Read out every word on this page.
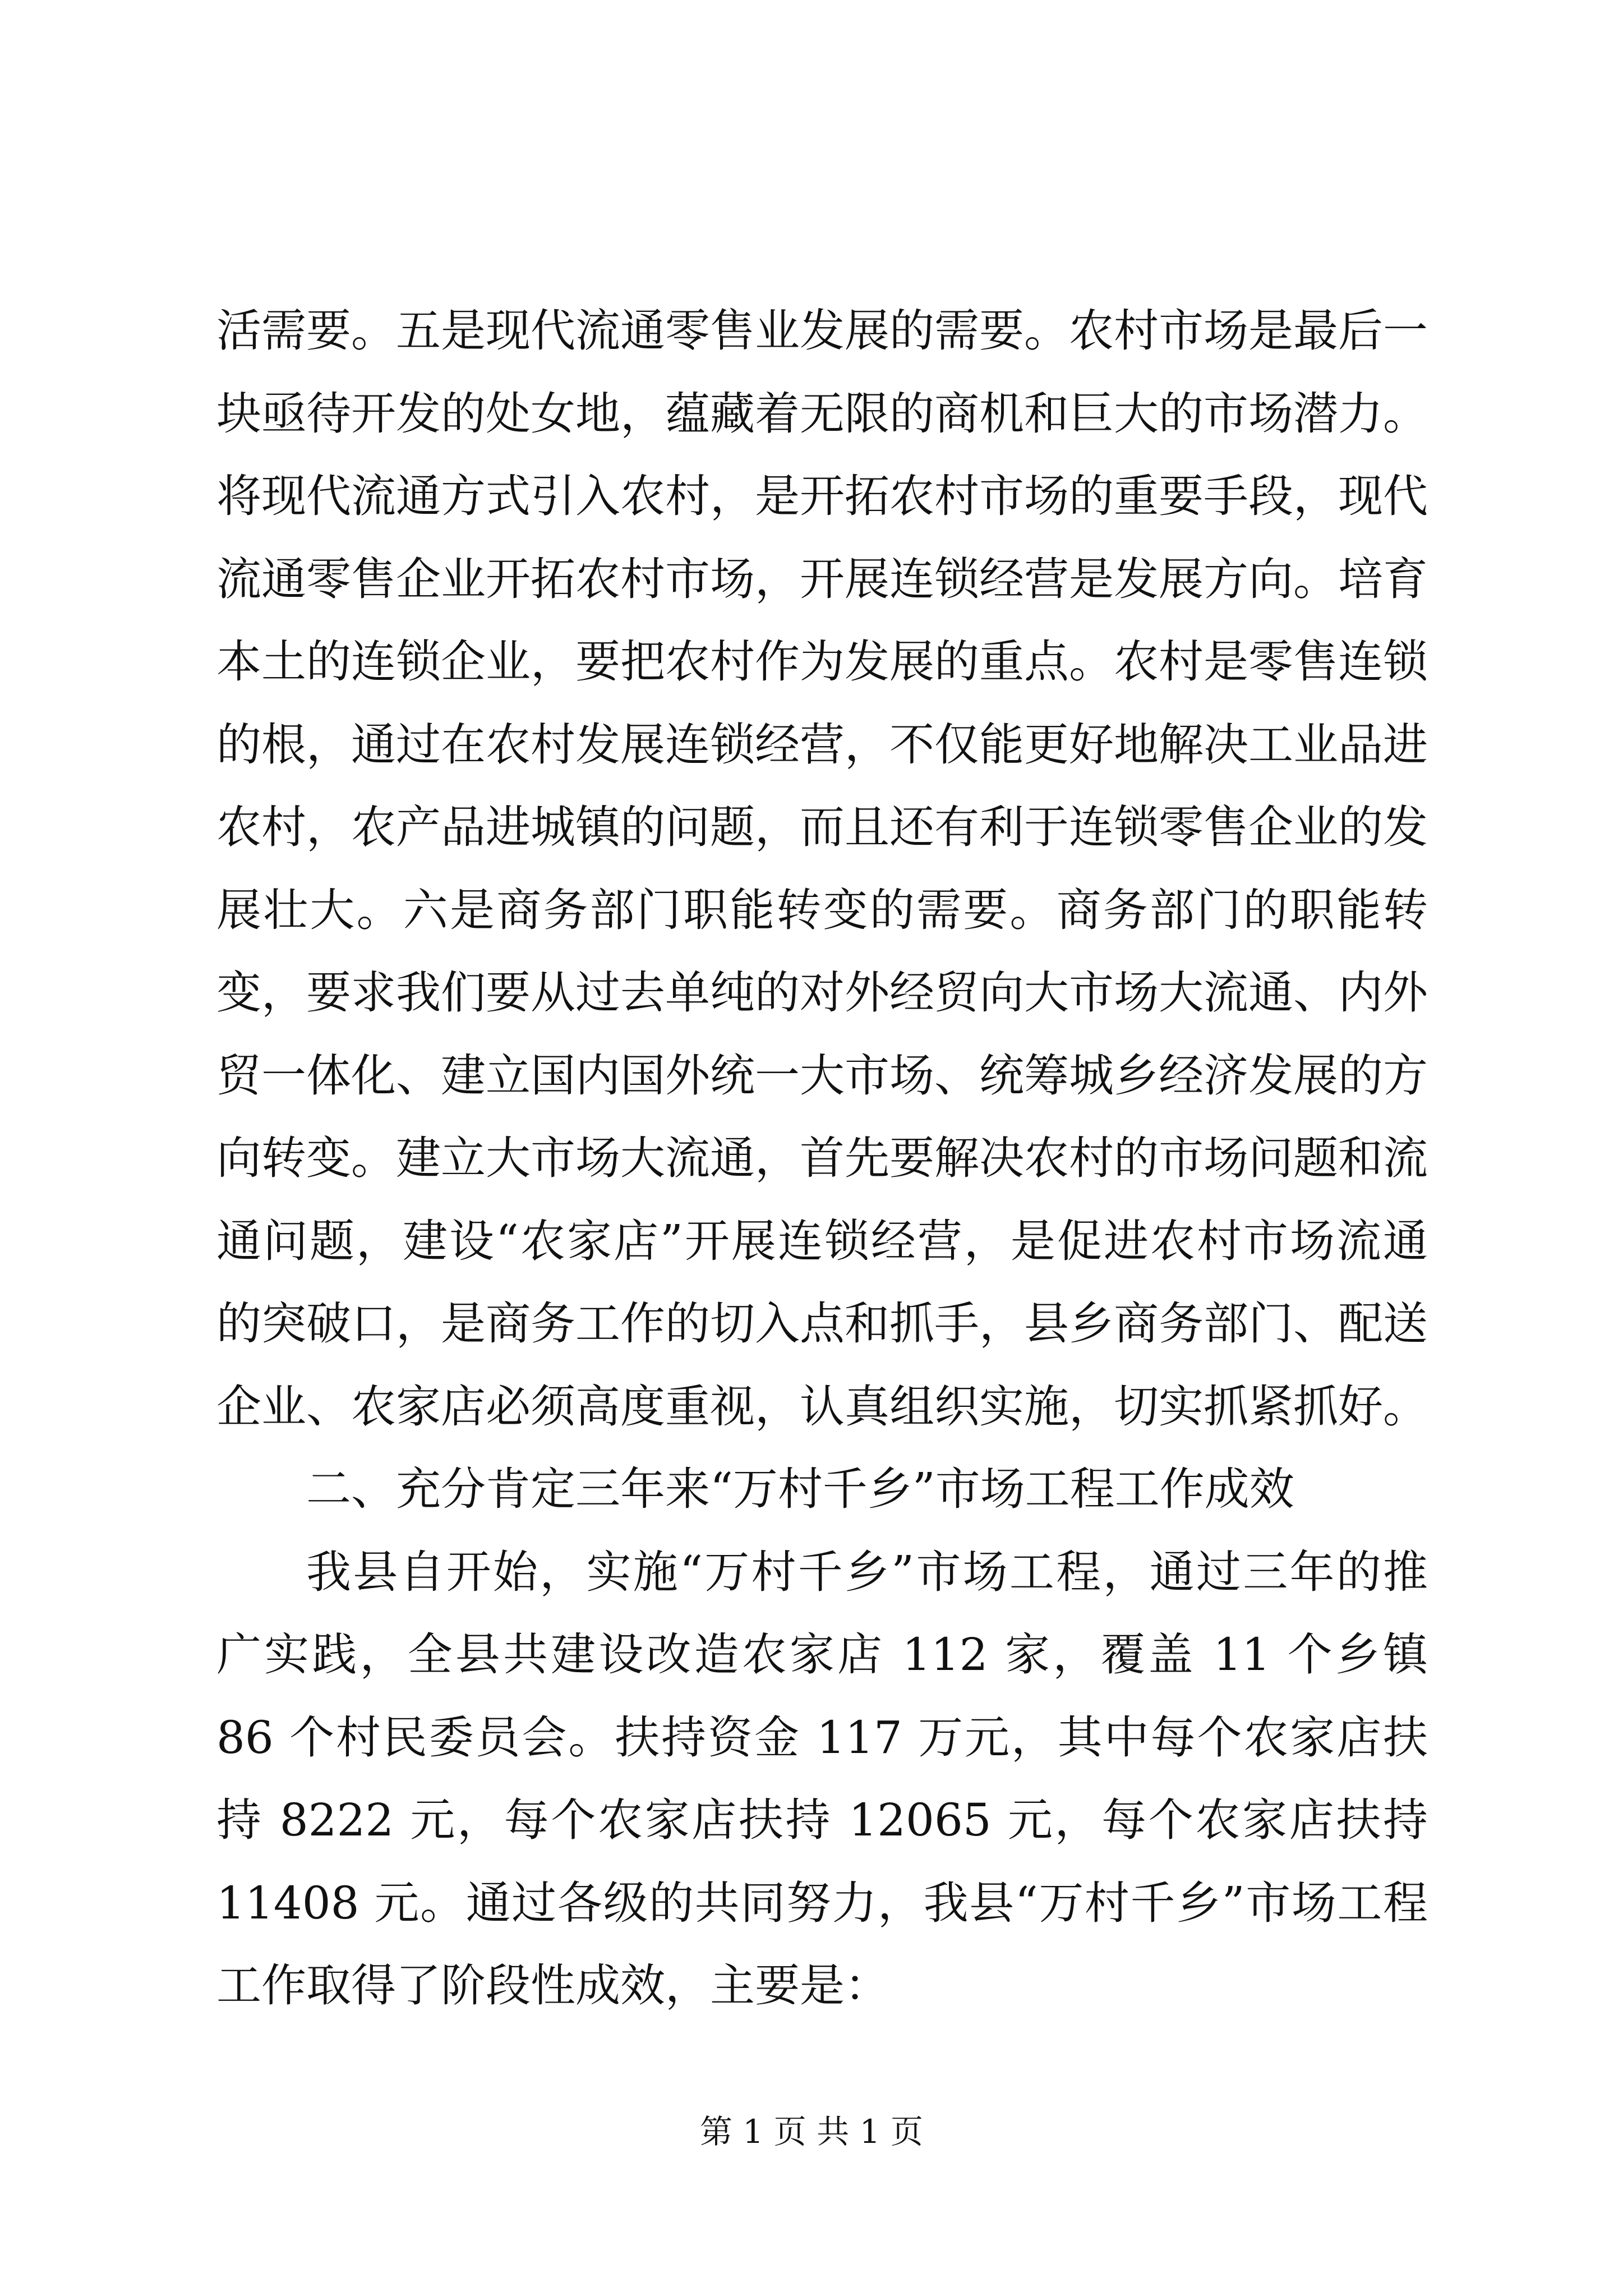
活需要。五是现代流通零售业发展的需要。农村市场是最后一块亟待开发的处女地，蕴藏着无限的商机和巨大的市场潜力。将现代流通方式引入农村，是开拓农村市场的重要手段，现代流通零售企业开拓农村市场，开展连锁经营是发展方向。培育本土的连锁企业，要把农村作为发展的重点。农村是零售连锁的根，通过在农村发展连锁经营，不仅能更好地解决工业品进农村，农产品进城镇的问题，而且还有利于连锁零售企业的发展壮大。六是商务部门职能转变的需要。商务部门的职能转变，要求我们要从过去单纯的对外经贸向大市场大流通、内外贸一体化、建立国内国外统一大市场、统筹城乡经济发展的方向转变。建立大市场大流通，首先要解决农村的市场问题和流通问题，建设“农家店”开展连锁经营，是促进农村市场流通的突破口，是商务工作的切入点和抓手，县乡商务部门、配送企业、农家店必须高度重视，认真组织实施，切实抓紧抓好。

二、充分肯定三年来“万村千乡”市场工程工作成效

我县自开始，实施“万村千乡”市场工程，通过三年的推广实践，全县共建设改造农家店 112 家，覆盖 11 个乡镇 86 个村民委员会。扶持资金 117 万元，其中每个农家店扶持 8222 元，每个农家店扶持 12065 元，每个农家店扶持 11408 元。通过各级的共同努力，我县“万村千乡”市场工程工作取得了阶段性成效，主要是：

第 1 页 共 1 页
